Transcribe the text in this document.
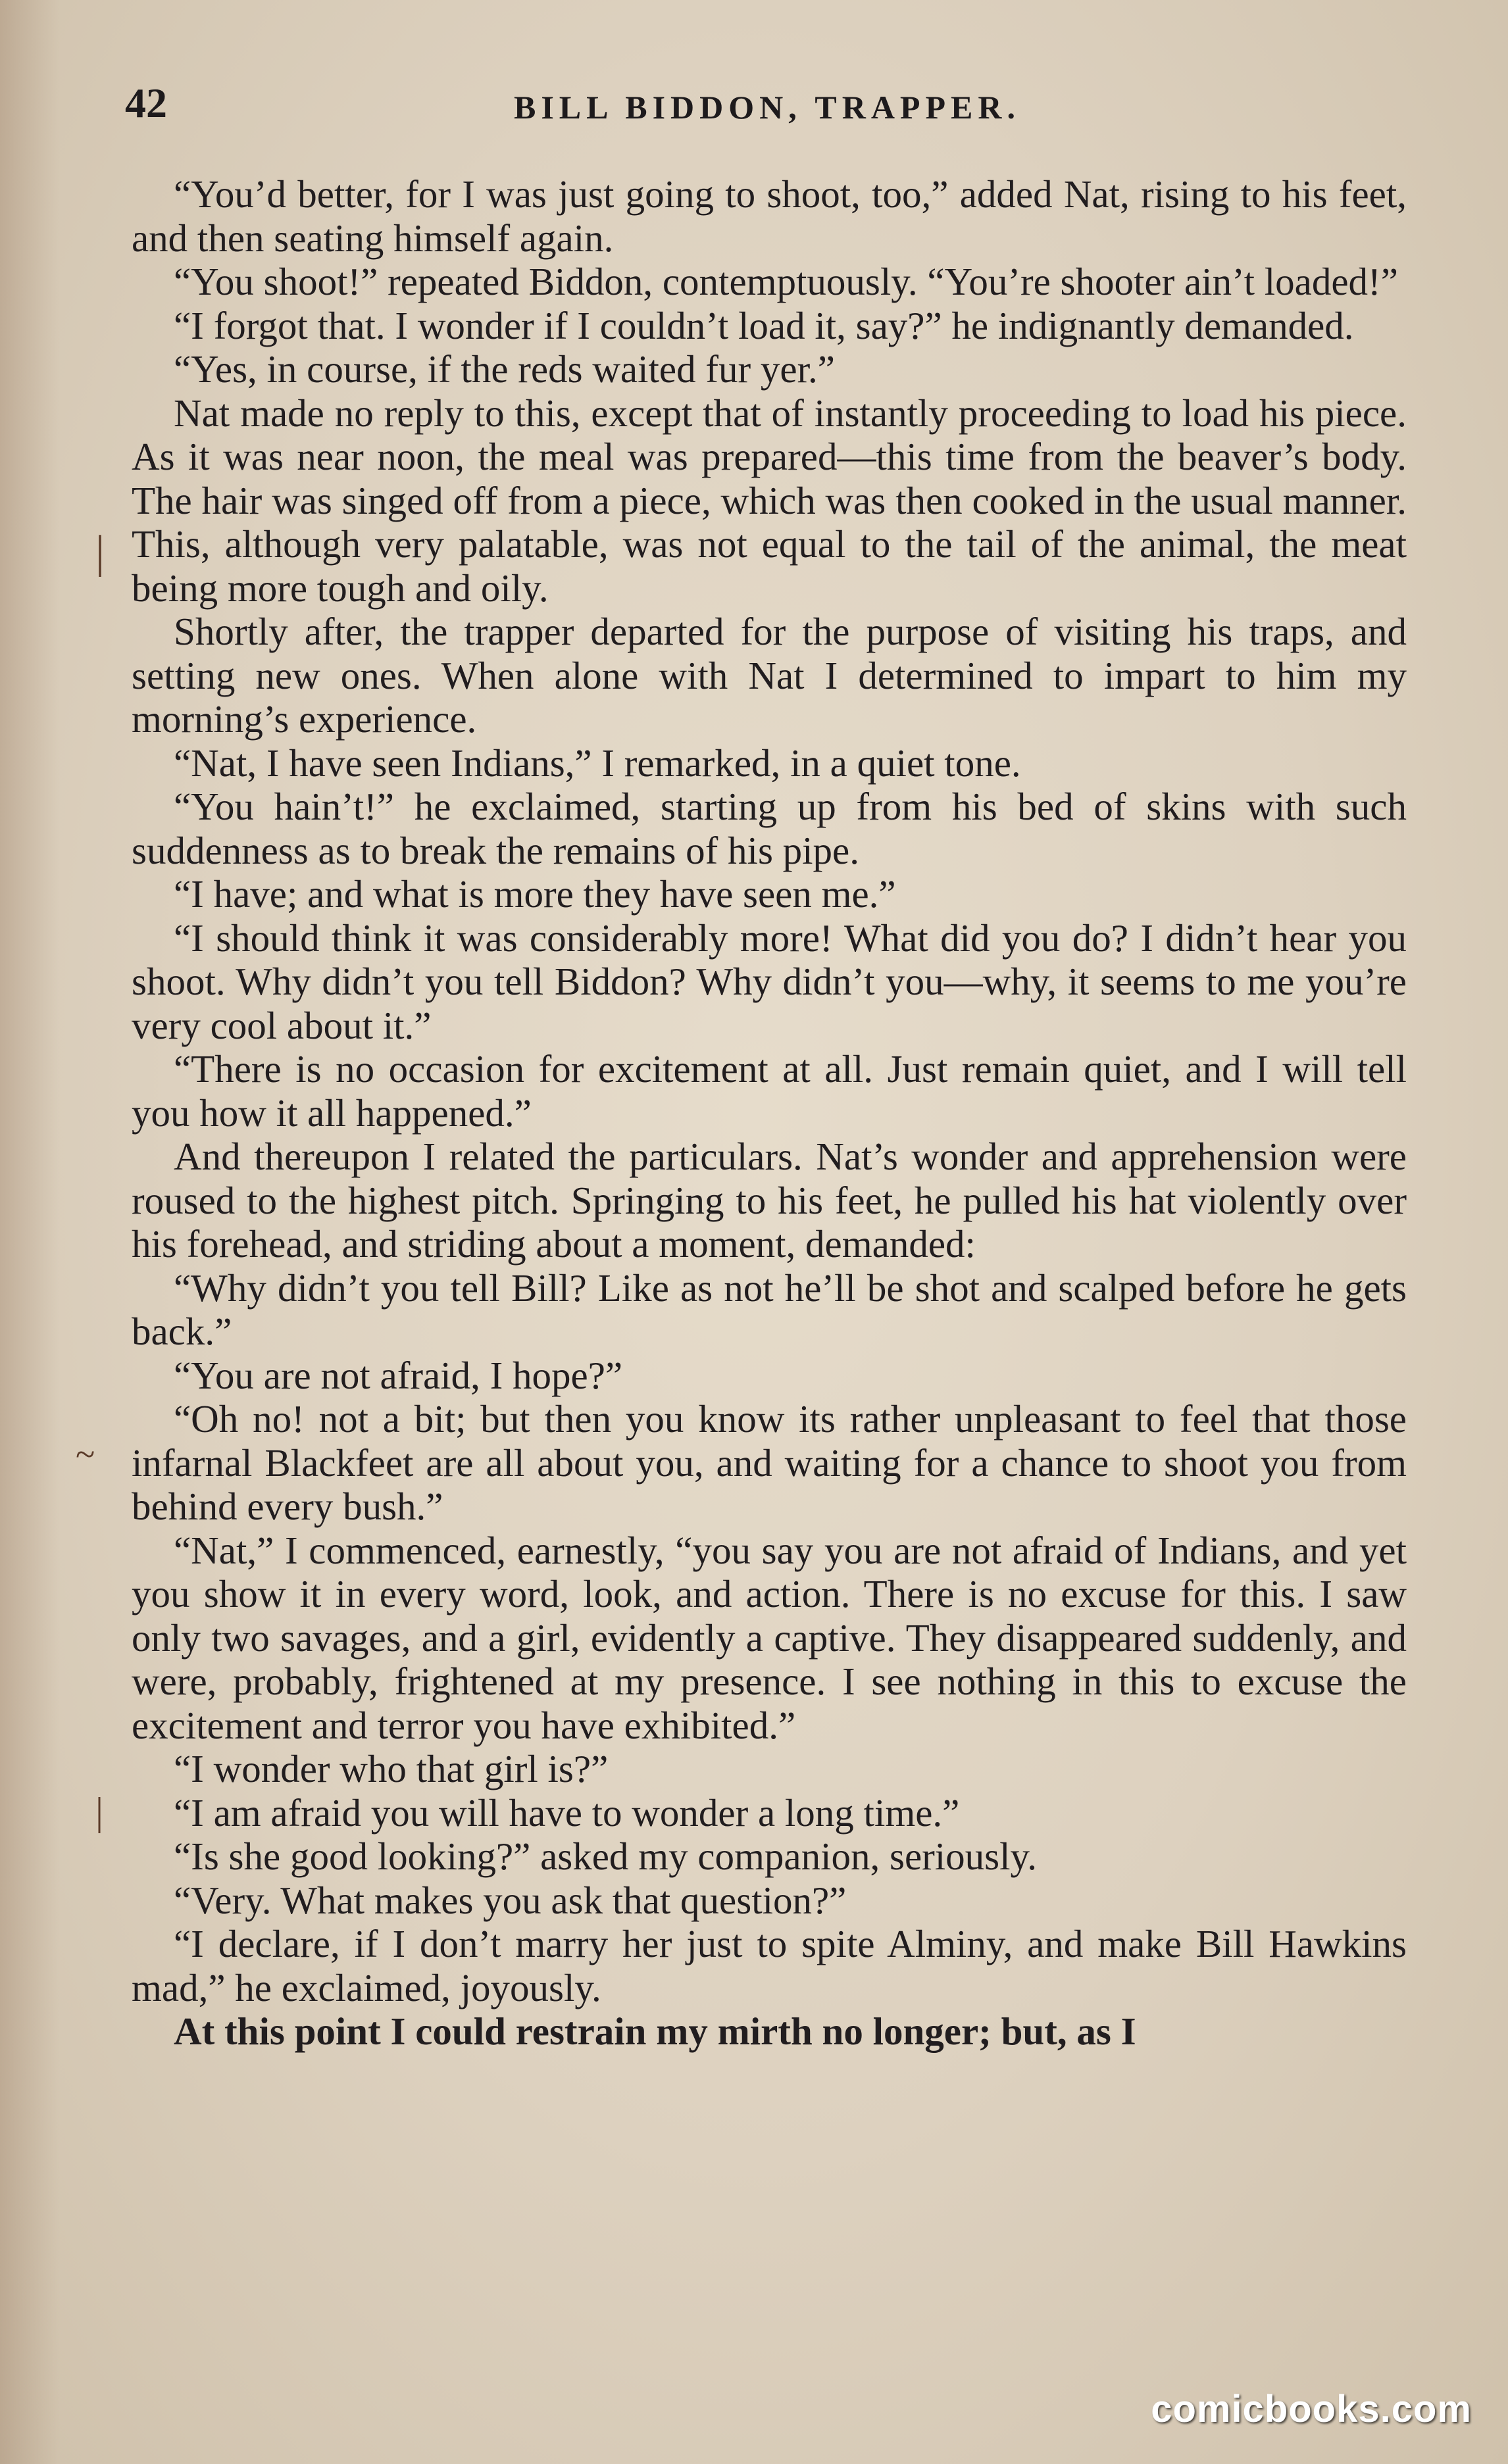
42	BILL BIDDON, TRAPPER.
|
~
|

“You’d better, for I was just going to shoot, too,” added Nat, rising to his feet, and then seating himself again.

“You shoot!” repeated Biddon, contemptuously. “You’re shooter ain’t loaded!”

“I forgot that. I wonder if I couldn’t load it, say?” he indignantly demanded.

“Yes, in course, if the reds waited fur yer.”

Nat made no reply to this, except that of instantly proceeding to load his piece. As it was near noon, the meal was prepared—this time from the beaver’s body. The hair was singed off from a piece, which was then cooked in the usual manner. This, although very palatable, was not equal to the tail of the animal, the meat being more tough and oily.

Shortly after, the trapper departed for the purpose of visiting his traps, and setting new ones. When alone with Nat I determined to impart to him my morning’s experience.

“Nat, I have seen Indians,” I remarked, in a quiet tone.

“You hain’t!” he exclaimed, starting up from his bed of skins with such suddenness as to break the remains of his pipe.

“I have; and what is more they have seen me.”

“I should think it was considerably more! What did you do? I didn’t hear you shoot. Why didn’t you tell Biddon? Why didn’t you—why, it seems to me you’re very cool about it.”

“There is no occasion for excitement at all. Just remain quiet, and I will tell you how it all happened.”

And thereupon I related the particulars. Nat’s wonder and apprehension were roused to the highest pitch. Springing to his feet, he pulled his hat violently over his forehead, and striding about a moment, demanded:

“Why didn’t you tell Bill? Like as not he’ll be shot and scalped before he gets back.”

“You are not afraid, I hope?”

“Oh no! not a bit; but then you know its rather unpleasant to feel that those infarnal Blackfeet are all about you, and waiting for a chance to shoot you from behind every bush.”

“Nat,” I commenced, earnestly, “you say you are not afraid of Indians, and yet you show it in every word, look, and action. There is no excuse for this. I saw only two savages, and a girl, evidently a captive. They disappeared suddenly, and were, probably, frightened at my presence. I see nothing in this to excuse the excitement and terror you have exhibited.”

“I wonder who that girl is?”

“I am afraid you will have to wonder a long time.”

“Is she good looking?” asked my companion, seriously.

“Very. What makes you ask that question?”

“I declare, if I don’t marry her just to spite Alminy, and make Bill Hawkins mad,” he exclaimed, joyously.

At this point I could restrain my mirth no longer; but, as I

comicbooks.com
